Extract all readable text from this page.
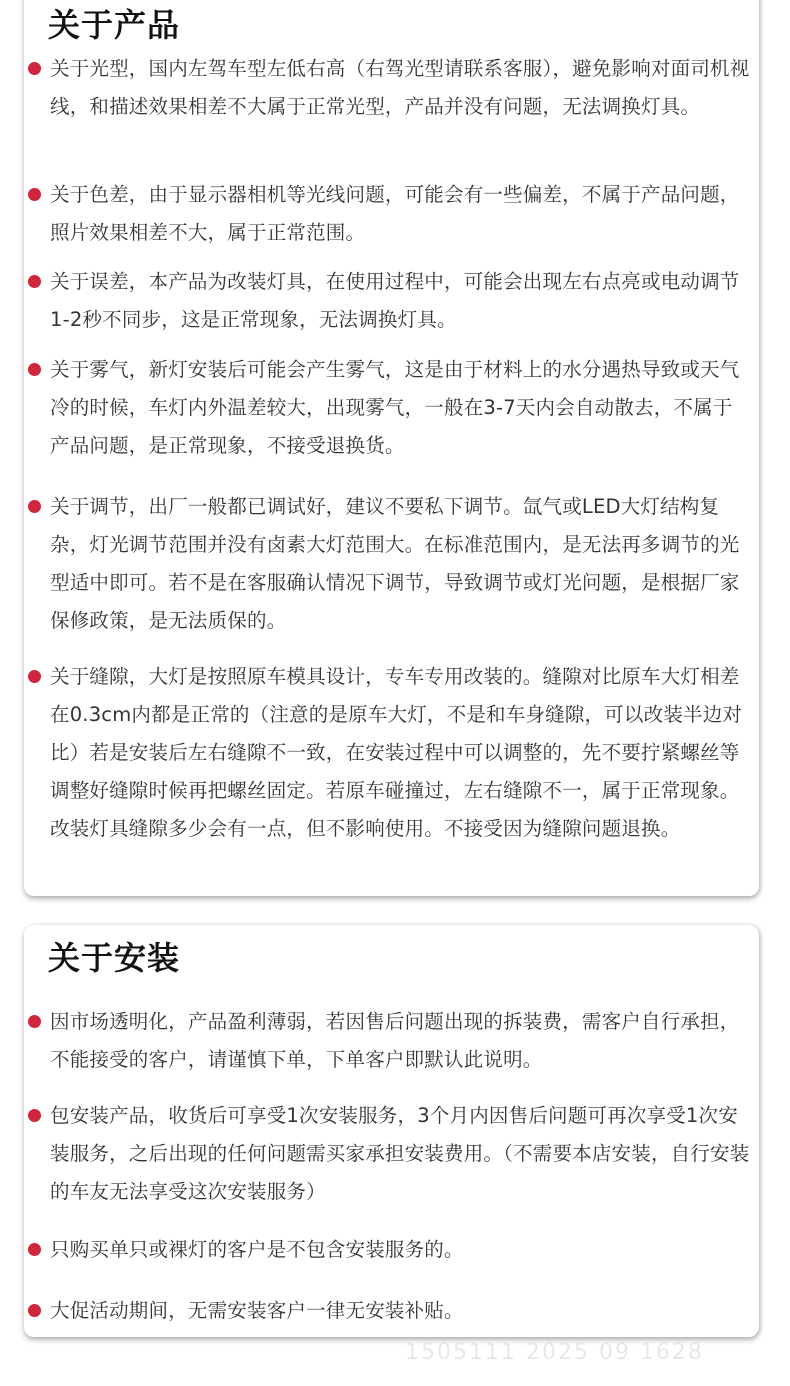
关于产品
关于光型，国内左驾车型左低右高（右驾光型请联系客服），避免影响对面司机视线，和描述效果相差不大属于正常光型，产品并没有问题，无法调换灯具。
关于色差，由于显示器相机等光线问题，可能会有一些偏差，不属于产品问题，照片效果相差不大，属于正常范围。
关于误差，本产品为改装灯具，在使用过程中，可能会出现左右点亮或电动调节1-2秒不同步，这是正常现象，无法调换灯具。
关于雾气，新灯安装后可能会产生雾气，这是由于材料上的水分遇热导致或天气冷的时候，车灯内外温差较大，出现雾气，一般在3-7天内会自动散去，不属于产品问题，是正常现象，不接受退换货。
关于调节，出厂一般都已调试好，建议不要私下调节。氙气或LED大灯结构复杂，灯光调节范围并没有卤素大灯范围大。在标准范围内，是无法再多调节的光型适中即可。若不是在客服确认情况下调节，导致调节或灯光问题，是根据厂家保修政策，是无法质保的。
关于缝隙，大灯是按照原车模具设计，专车专用改装的。缝隙对比原车大灯相差在0.3cm内都是正常的（注意的是原车大灯，不是和车身缝隙，可以改装半边对比）若是安装后左右缝隙不一致，在安装过程中可以调整的，先不要拧紧螺丝等调整好缝隙时候再把螺丝固定。若原车碰撞过，左右缝隙不一，属于正常现象。改装灯具缝隙多少会有一点，但不影响使用。不接受因为缝隙问题退换。
关于安装
因市场透明化，产品盈利薄弱，若因售后问题出现的拆装费，需客户自行承担，不能接受的客户，请谨慎下单，下单客户即默认此说明。
包安装产品，收货后可享受1次安装服务，3个月内因售后问题可再次享受1次安装服务，之后出现的任何问题需买家承担安装费用。（不需要本店安装，自行安装的车友无法享受这次安装服务）
只购买单只或裸灯的客户是不包含安装服务的。
大促活动期间，无需安装客户一律无安装补贴。
1505111 2025 09 1628
